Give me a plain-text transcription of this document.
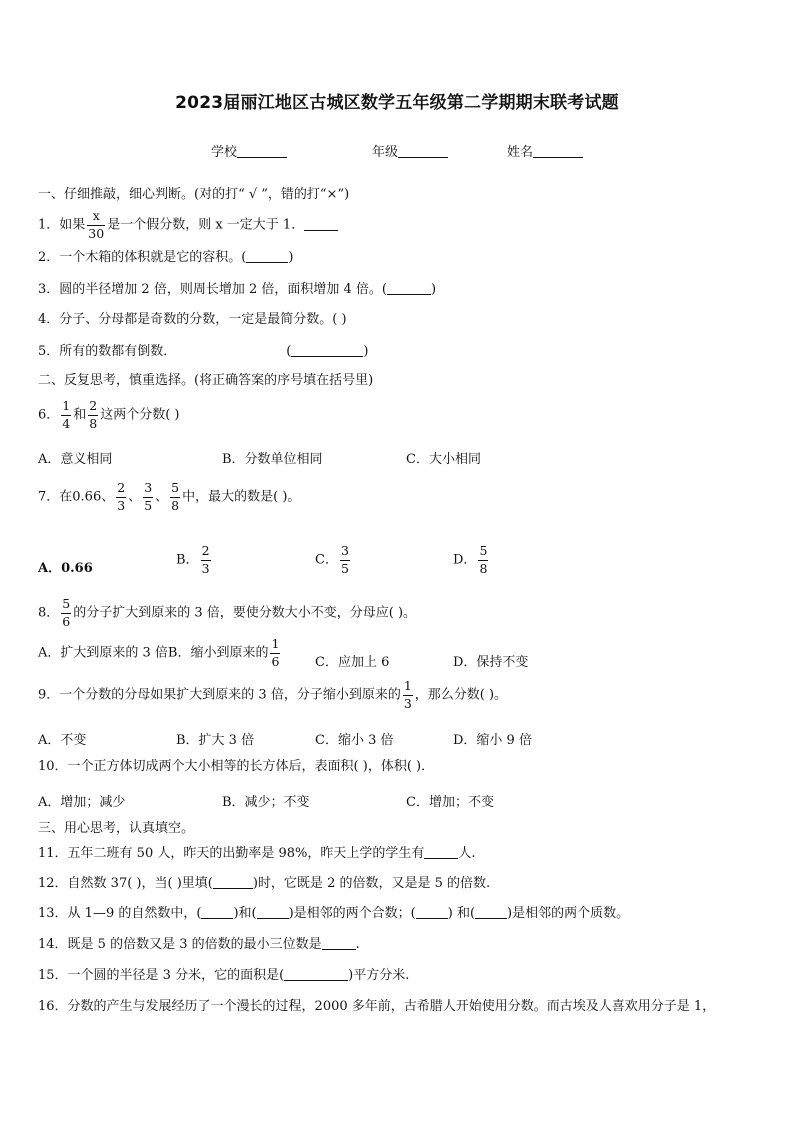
2023届丽江地区古城区数学五年级第二学期期末联考试题
学校	年级	姓名
一、仔细推敲，细心判断。(对的打“ √ ”，错的打“×”)
1．如果 $\frac{x}{30}$ 是一个假分数，则 x 一定大于 1．
2．一个木箱的体积就是它的容积。(	)
3．圆的半径增加 2 倍，则周长增加 2 倍，面积增加 4 倍。(	)
4．分子、分母都是奇数的分数，一定是最简分数。( )
5．所有的数都有倒数．	(	)
二、反复思考，慎重选择。(将正确答案的序号填在括号里)
6． $\frac{1}{4}$ 和 $\frac{2}{8}$ 这两个分数( )
A．意义相同	B．分数单位相同	C．大小相同
7．在0.66、 $\frac{2}{3}$ 、 $\frac{3}{5}$ 、 $\frac{5}{8}$ 中，最大的数是( )。
A．0.66
B． $\frac{2}{3}$	C． $\frac{3}{5}$	D． $\frac{5}{8}$
8． $\frac{5}{6}$ 的分子扩大到原来的 3 倍，要使分数大小不变，分母应( )。
A．扩大到原来的 3 倍B．缩小到原来的 $\frac{1}{6}$	C．应加上 6	D．保持不变
9．一个分数的分母如果扩大到原来的 3 倍，分子缩小到原来的 $\frac{1}{3}$ ，那么分数( )。
A．不变	B．扩大 3 倍	C．缩小 3 倍	D．缩小 9 倍
10．一个正方体切成两个大小相等的长方体后，表面积( )，体积( )．
A．增加；减少	B．减少；不变	C．增加；不变
三、用心思考，认真填空。
11．五年二班有 50 人，昨天的出勤率是 98%，昨天上学的学生有	人.
12．自然数 37( )，当( )里填(	)时，它既是 2 的倍数，又是是 5 的倍数.
13．从 1—9 的自然数中，( )和( )是相邻的两个合数；( ) 和( )是相邻的两个质数。
14．既是 5 的倍数又是 3 的倍数的最小三位数是	.
15．一个圆的半径是 3 分米，它的面积是(	)平方分米.
16．分数的产生与发展经历了一个漫长的过程，2000 多年前，古希腊人开始使用分数。而古埃及人喜欢用分子是 1，
